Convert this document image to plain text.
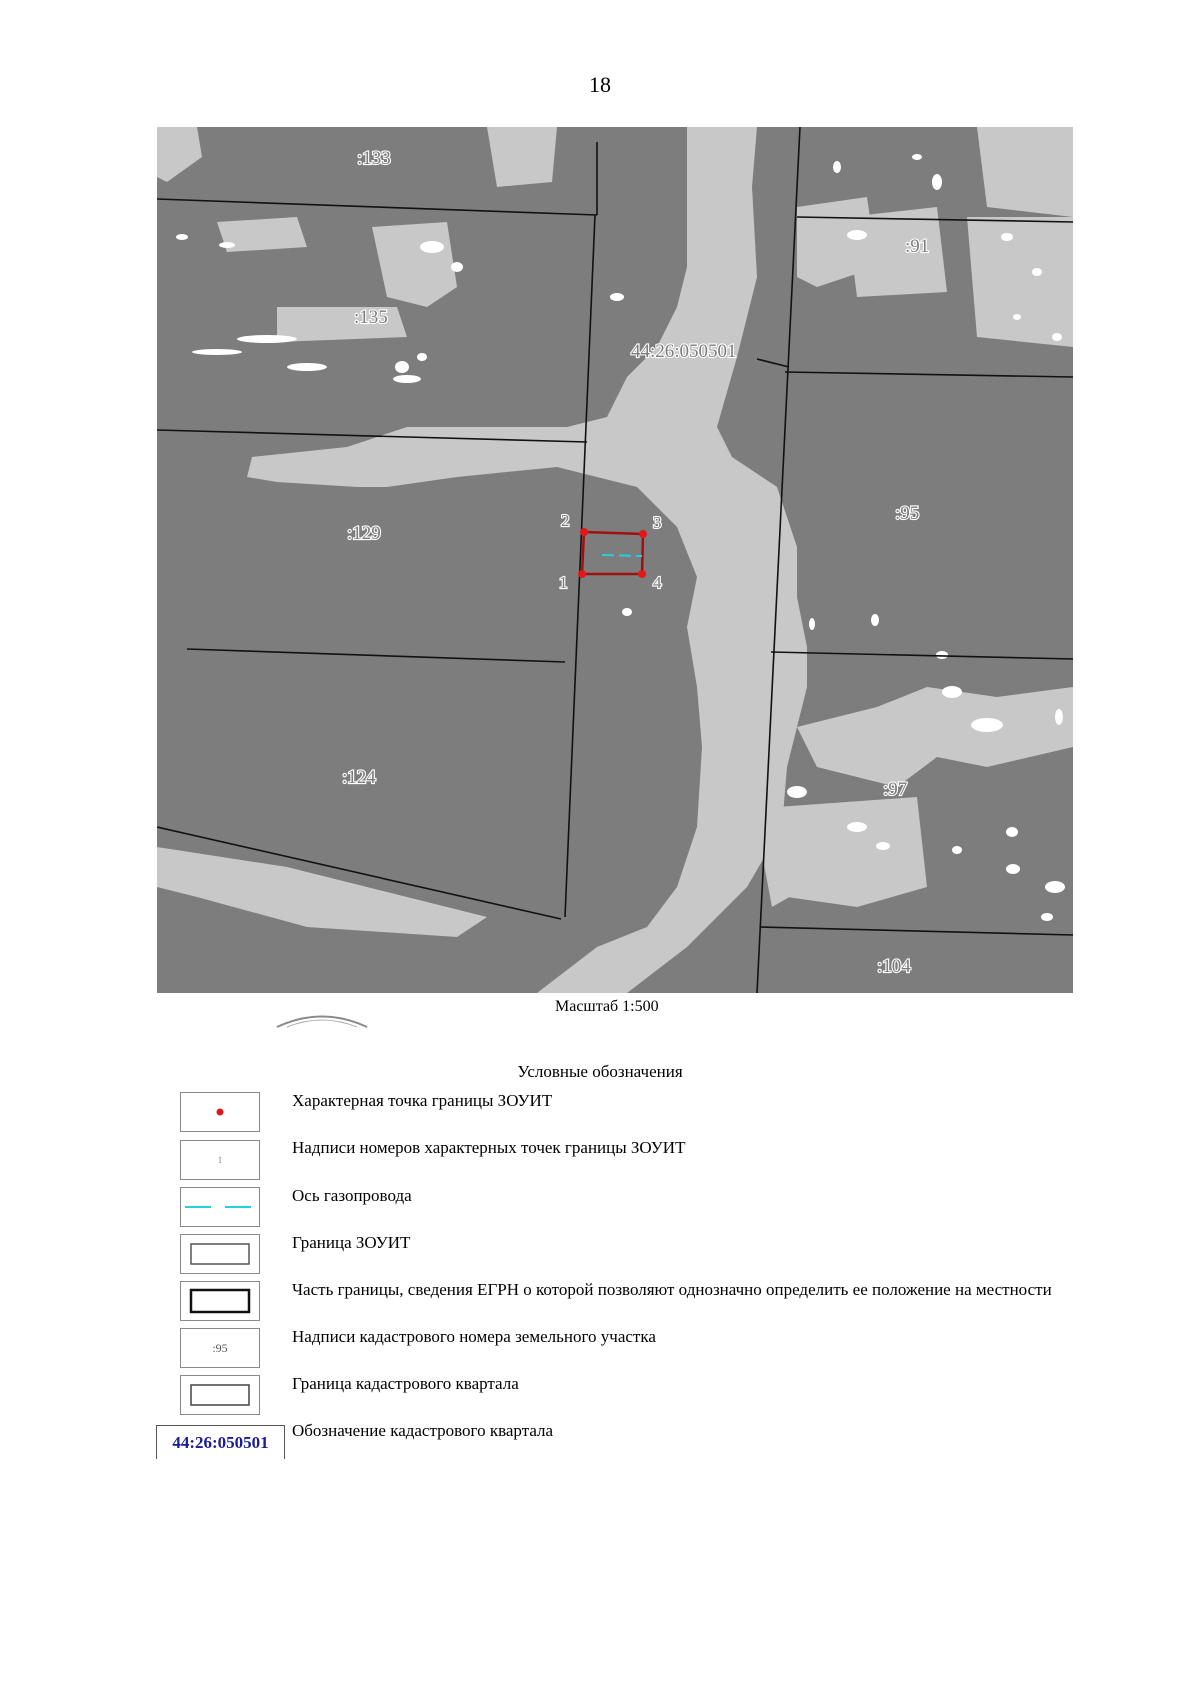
18
:133
:135
:91
:129
:95
:124
:97
:104
44:26:050501
1
2	3
4
Масштаб 1:500
Условные обозначения
Характерная точка границы ЗОУИТ
1
Надписи номеров характерных точек границы ЗОУИТ
Ось газопровода
Граница ЗОУИТ
Часть границы, сведения ЕГРН о которой позволяют однозначно определить ее положение на местности
:95
Надписи кадастрового номера земельного участка
Граница кадастрового квартала
44:26:050501
Обозначение кадастрового квартала
